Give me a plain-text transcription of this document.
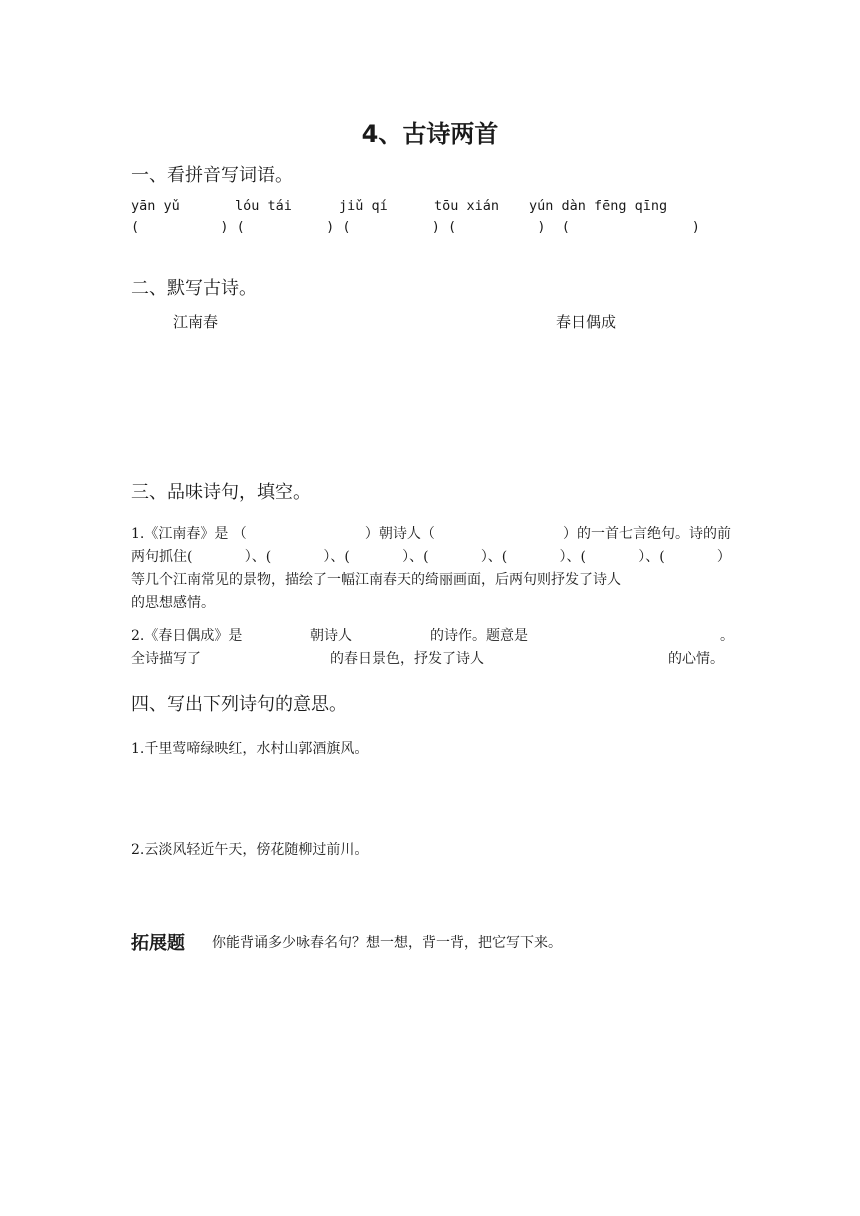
4、古诗两首
一、看拼音写词语。
yān yǔ	lóu tái	jiǔ qí	tōu xián yún dàn fēng qīng
(          ) (          ) (          ) (          )  (               )
二、默写古诗。
江南春	春日偶成
三、品味诗句，填空。
1.《江南春》是 （	）朝诗人（	）的一首七言绝句。诗的前
两句抓住(	）、(	）、(	）、(	）、(	）、(	）、(	）
等几个江南常见的景物，描绘了一幅江南春天的绮丽画面，后两句则抒发了诗人
的思想感情。
2.《春日偶成》是	朝诗人	的诗作。题意是	。
全诗描写了	的春日景色，抒发了诗人	的心情。
四、写出下列诗句的意思。
1.千里莺啼绿映红，水村山郭酒旗风。
2.云淡风轻近午天，傍花随柳过前川。
拓展题 你能背诵多少咏春名句？想一想，背一背，把它写下来。
